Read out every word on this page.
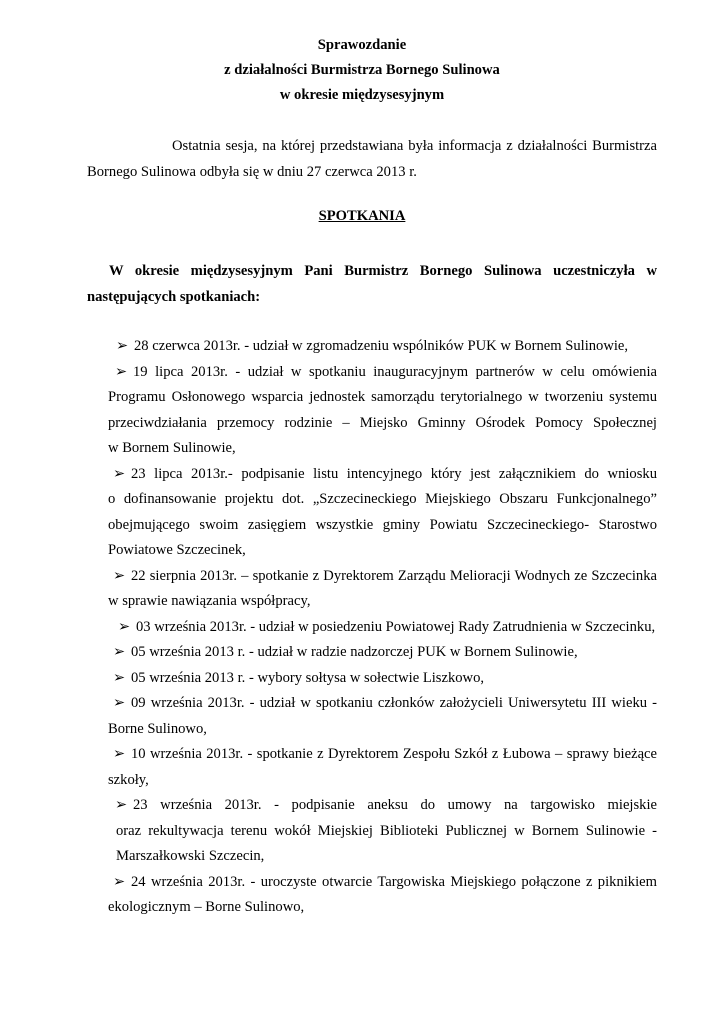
Sprawozdanie
z działalności Burmistrza Bornego Sulinowa
w okresie międzysesyjnym
Ostatnia sesja, na której przedstawiana była informacja z działalności Burmistrza
Bornego Sulinowa odbyła się w dniu 27 czerwca 2013 r.
SPOTKANIA
W okresie międzysesyjnym Pani Burmistrz Bornego Sulinowa uczestniczyła w
następujących spotkaniach:
➢ 28 czerwca 2013r. - udział w zgromadzeniu wspólników PUK w Bornem Sulinowie,
➢ 19 lipca 2013r. - udział w spotkaniu inauguracyjnym partnerów w celu omówienia
Programu Osłonowego wsparcia jednostek samorządu terytorialnego w tworzeniu systemu
przeciwdziałania przemocy rodzinie – Miejsko Gminny Ośrodek Pomocy Społecznej
w Bornem Sulinowie,
➢ 23 lipca 2013r.- podpisanie listu intencyjnego który jest załącznikiem do wniosku
o dofinansowanie projektu dot. „Szczecineckiego Miejskiego Obszaru Funkcjonalnego”
obejmującego swoim zasięgiem wszystkie gminy Powiatu Szczecineckiego- Starostwo
Powiatowe Szczecinek,
➢ 22 sierpnia 2013r. – spotkanie z Dyrektorem Zarządu Melioracji Wodnych ze Szczecinka
w sprawie nawiązania współpracy,
➢ 03 września 2013r. - udział w posiedzeniu Powiatowej Rady Zatrudnienia w Szczecinku,
➢ 05 września 2013 r. - udział w radzie nadzorczej PUK w Bornem Sulinowie,
➢ 05 września 2013 r. - wybory sołtysa w sołectwie Liszkowo,
➢ 09 września 2013r. - udział w spotkaniu członków założycieli Uniwersytetu III wieku -
Borne Sulinowo,
➢ 10 września 2013r. - spotkanie z Dyrektorem Zespołu Szkół z Łubowa – sprawy bieżące
szkoły,
➢ 23 września 2013r. - podpisanie aneksu do umowy na targowisko miejskie
oraz rekultywacja terenu wokół Miejskiej Biblioteki Publicznej w Bornem Sulinowie -
Marszałkowski Szczecin,
➢ 24 września 2013r. - uroczyste otwarcie Targowiska Miejskiego połączone z piknikiem
ekologicznym – Borne Sulinowo,
